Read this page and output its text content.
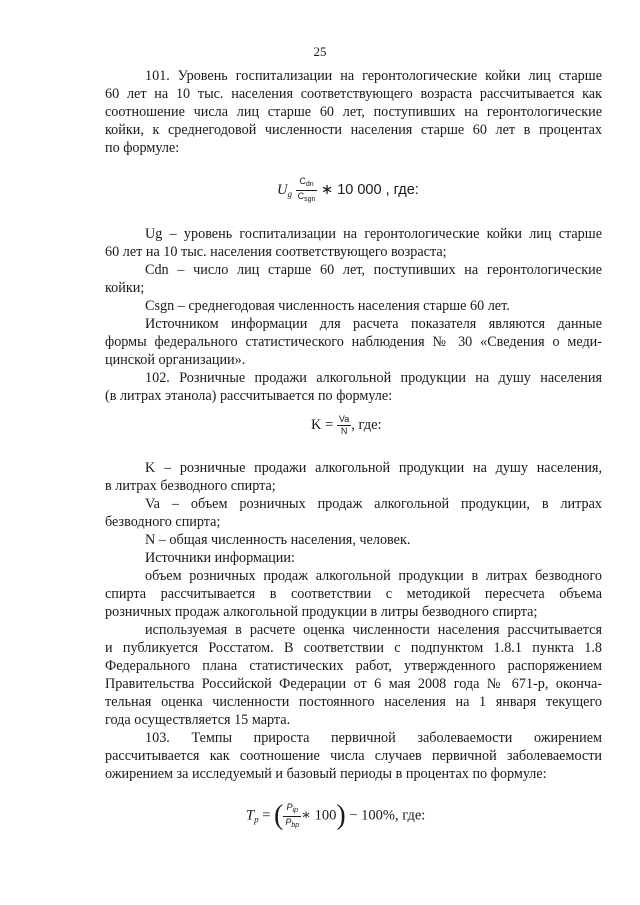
25
101. Уровень госпитализации на геронтологические койки лиц старше
60 лет на 10 тыс. населения соответствующего возраста рассчитывается как
соотношение числа лиц старше 60 лет, поступивших на геронтологические
койки, к среднегодовой численности населения старше 60 лет в процентах
по формуле:
$U_g \frac{C_{dn}}{C_{sgn}}$ ∗ 10 000 , где:
Ug – уровень госпитализации на геронтологические койки лиц старше
60 лет на 10 тыс. населения соответствующего возраста;
Cdn – число лиц старше 60 лет, поступивших на геронтологические
койки;
Csgn – среднегодовая численность населения старше 60 лет.
Источником информации для расчета показателя являются данные
формы федерального статистического наблюдения № 30 «Сведения о меди-
цинской организации».
102. Розничные продажи алкогольной продукции на душу населения
(в литрах этанола) рассчитывается по формуле:
$K = \frac{Va}{N}$ , где:
K – розничные продажи алкогольной продукции на душу населения,
в литрах безводного спирта;
Va – объем розничных продаж алкогольной продукции, в литрах
безводного спирта;
N – общая численность населения, человек.
Источники информации:
объем розничных продаж алкогольной продукции в литрах безводного
спирта рассчитывается в соответствии с методикой пересчета объема
розничных продаж алкогольной продукции в литры безводного спирта;
используемая в расчете оценка численности населения рассчитывается
и публикуется Росстатом. В соответствии с подпунктом 1.8.1 пункта 1.8
Федерального плана статистических работ, утвержденного распоряжением
Правительства Российской Федерации от 6 мая 2008 года № 671-р, оконча-
тельная оценка численности постоянного населения на 1 января текущего
года осуществляется 15 марта.
103. Темпы прироста первичной заболеваемости ожирением
рассчитывается как соотношение числа случаев первичной заболеваемости
ожирением за исследуемый и базовый периоды в процентах по формуле:
$T_p$ = ( $\frac{P_{ip}}{P_{bp}}$ ∗ 100) − 100%, где:
